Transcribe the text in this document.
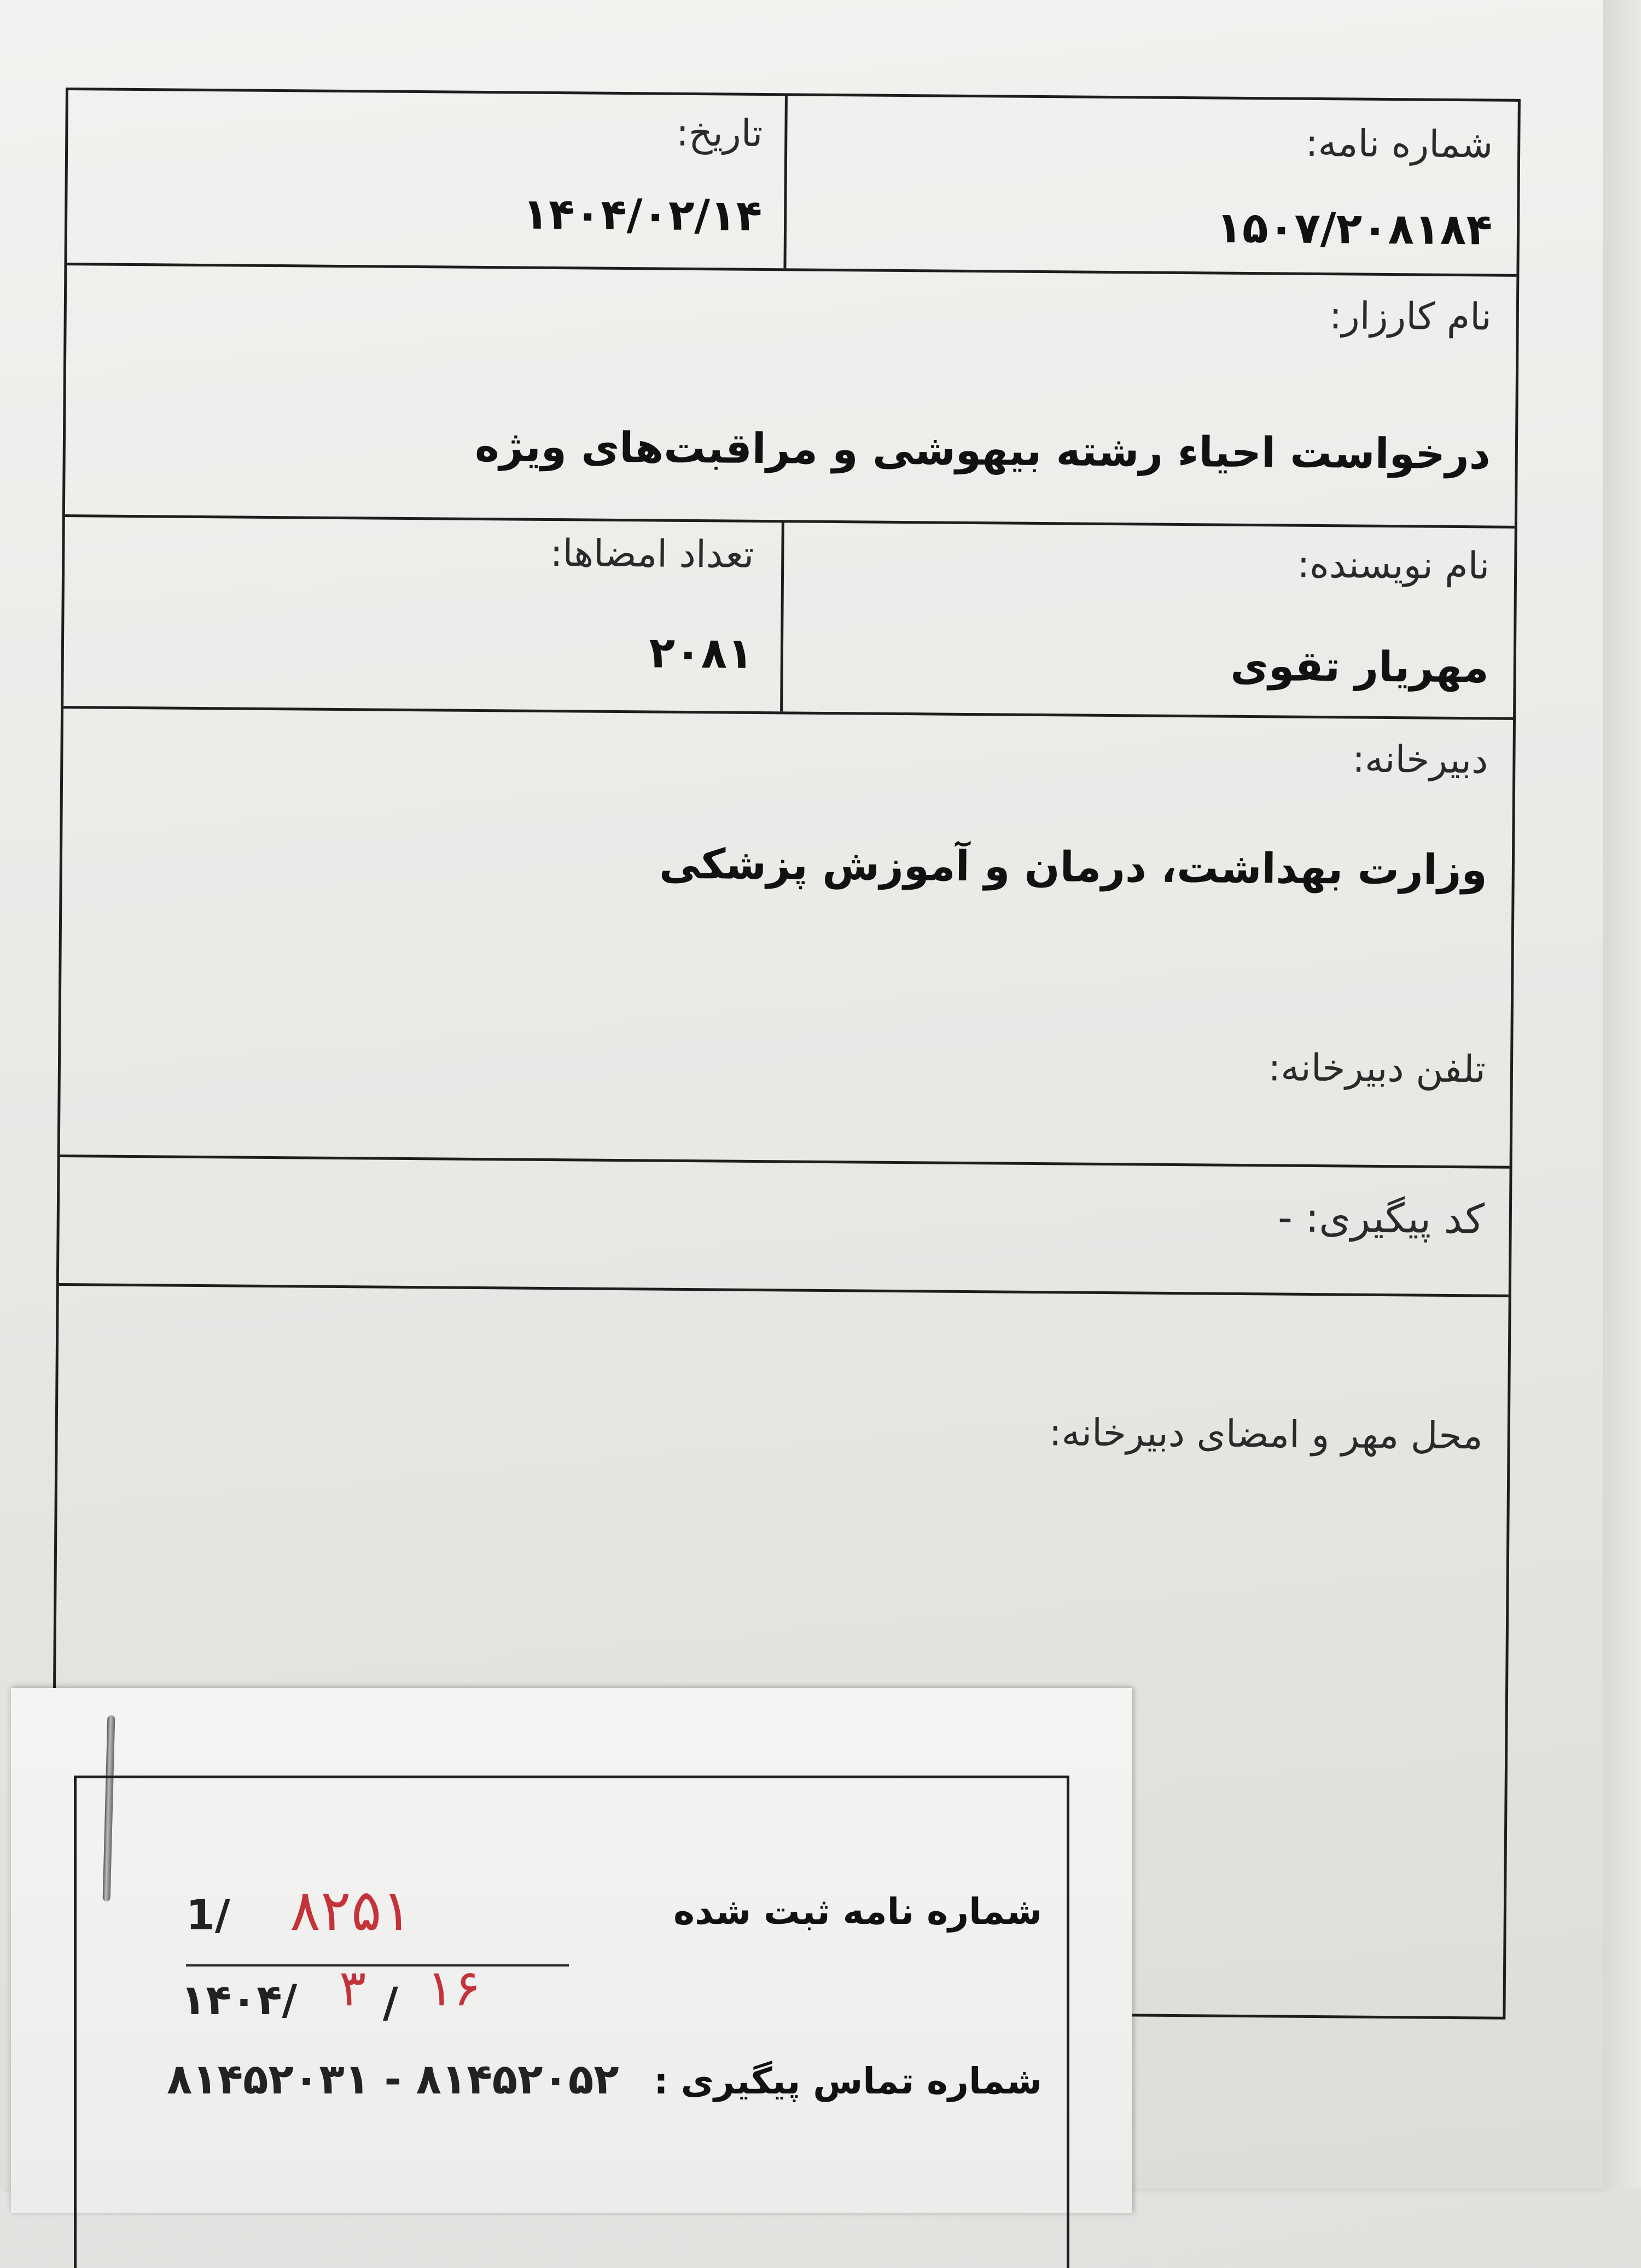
شماره نامه:
۱۵۰۷/۲۰۸۱۸۴
تاریخ:
۱۴۰۴/۰۲/۱۴
نام کارزار:
درخواست احیاء رشته بیهوشی و مراقبت‌های ویژه
نام نویسنده:
مهریار تقوی
تعداد امضاها:
۲۰۸۱
دبیرخانه:
وزارت بهداشت، درمان و آموزش پزشکی
تلفن دبیرخانه:
کد پیگیری: -
محل مهر و امضای دبیرخانه:
شماره نامه ثبت شده
1/ ۸۲۵۱
۱۴۰۴/ ۳ / ۱۶
شماره تماس پیگیری :
۸۱۴۵۲۰۳۱ - ۸۱۴۵۲۰۵۲
